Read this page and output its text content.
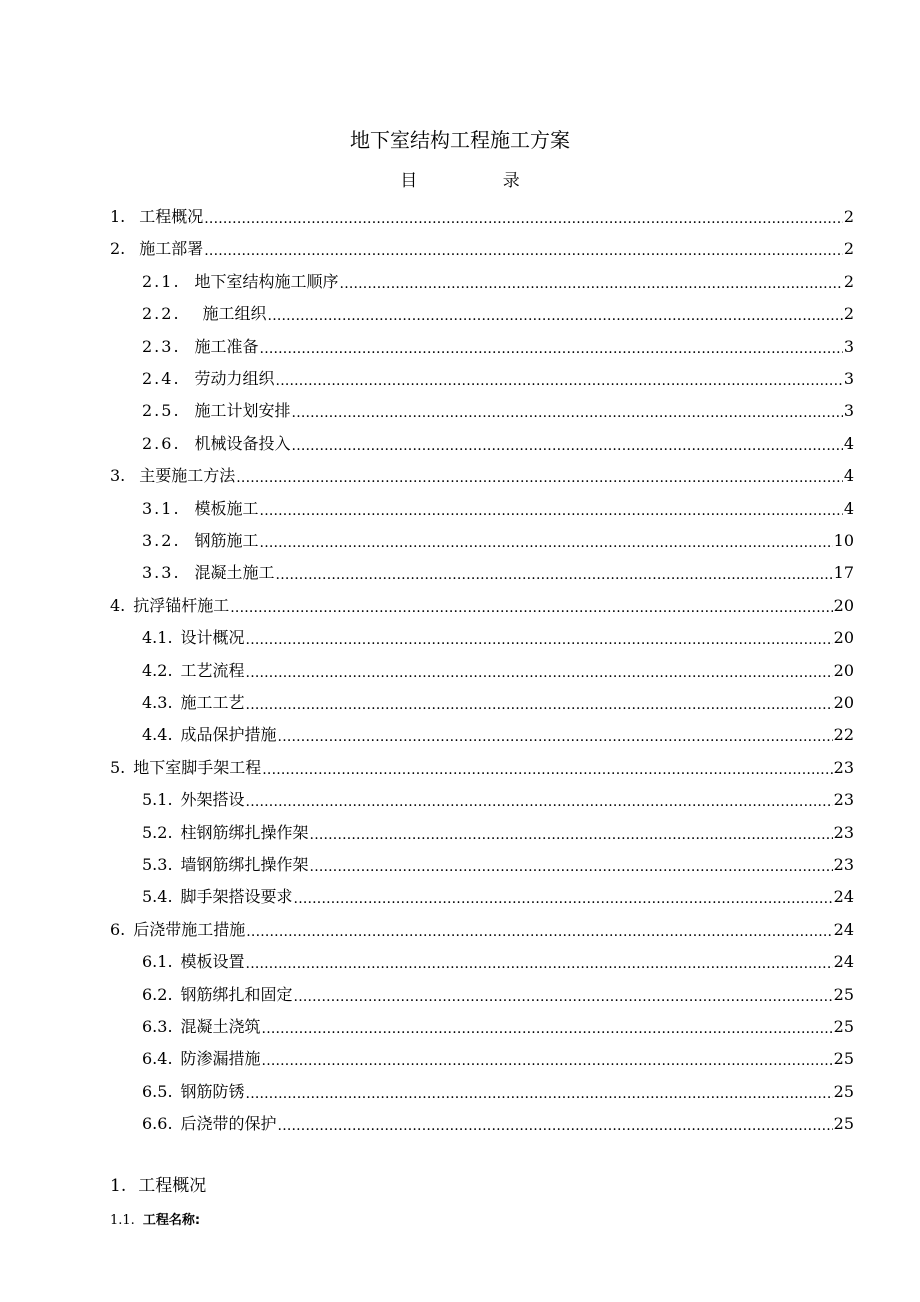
地下室结构工程施工方案
目 录
1. 工程概况 .....	2
2. 施工部署 .....	2
2.1. 地下室结构施工顺序 .....	2
2.2. 施工组织 .....	2
2.3. 施工准备 .....	3
2.4. 劳动力组织 .....	3
2.5. 施工计划安排 .....	3
2.6. 机械设备投入 .....	4
3. 主要施工方法 .....	4
3.1. 模板施工 .....	4
3.2. 钢筋施工 .....	10
3.3. 混凝土施工 .....	17
4. 抗浮锚杆施工 .....	20
4.1. 设计概况 .....	20
4.2. 工艺流程 .....	20
4.3. 施工工艺 .....	20
4.4. 成品保护措施 .....	22
5. 地下室脚手架工程 .....	23
5.1. 外架搭设 .....	23
5.2. 柱钢筋绑扎操作架 .....	23
5.3. 墙钢筋绑扎操作架 .....	23
5.4. 脚手架搭设要求 .....	24
6. 后浇带施工措施 .....	24
6.1. 模板设置 .....	24
6.2. 钢筋绑扎和固定 .....	25
6.3. 混凝土浇筑 .....	25
6.4. 防渗漏措施 .....	25
6.5. 钢筋防锈 .....	25
6.6. 后浇带的保护 .....	25
1. 工程概况
1.1. 工程名称:
